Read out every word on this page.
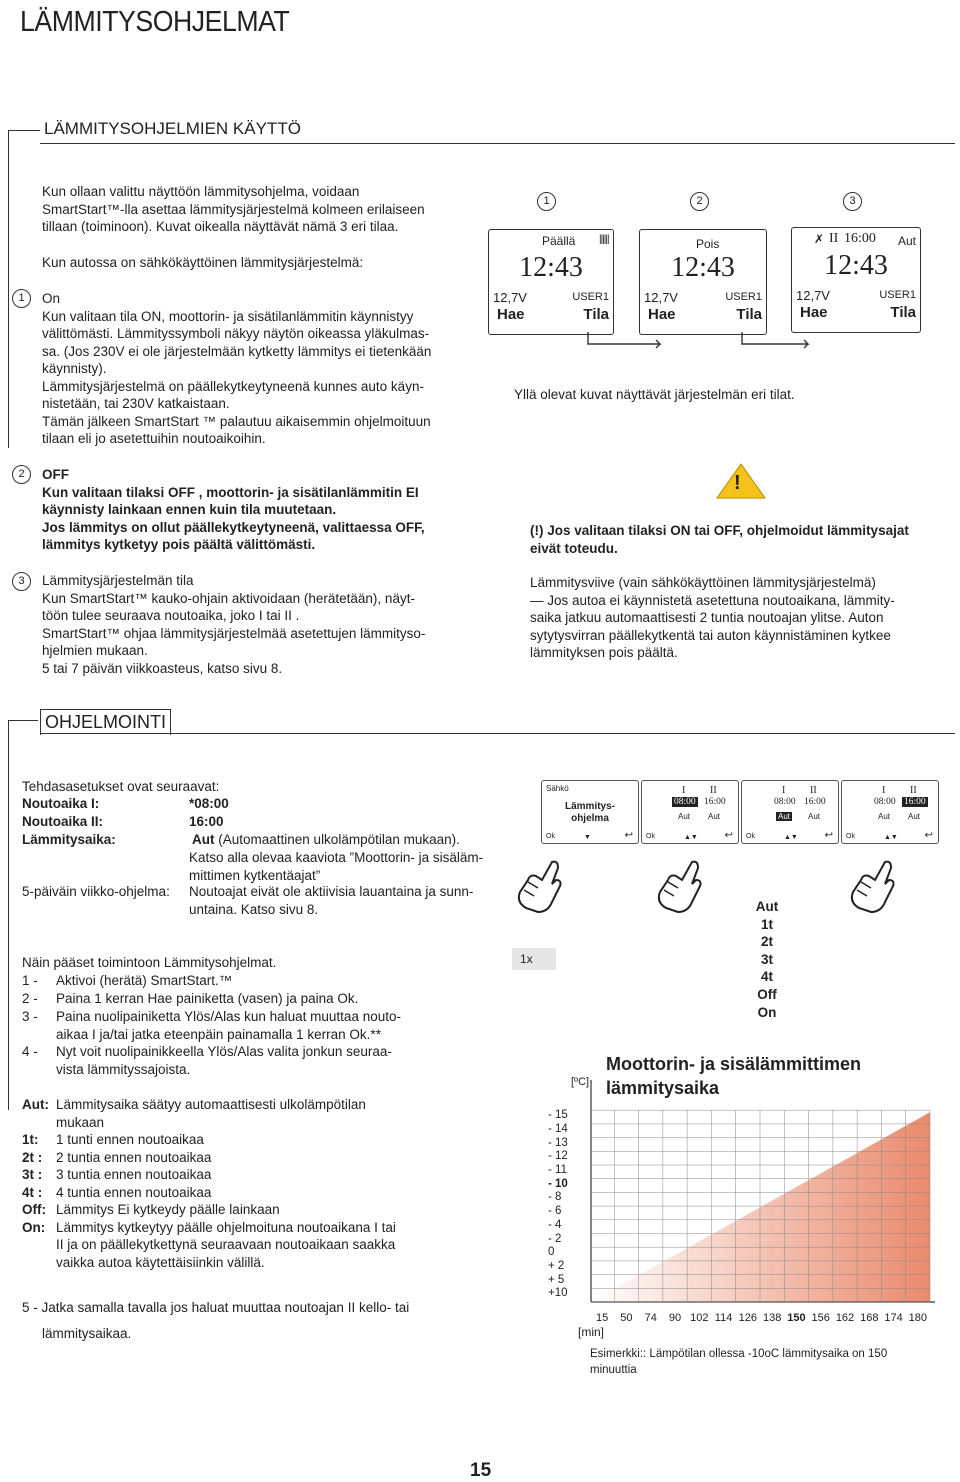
LÄMMITYSOHJELMAT
LÄMMITYSOHJELMIEN KÄYTTÖ
Kun ollaan valittu näyttöön lämmitysohjelma, voidaan
SmartStart™-lla asettaa lämmitysjärjestelmä kolmeen erilaiseen
tillaan (toiminoon). Kuvat oikealla näyttävät nämä 3 eri tilaa.
Kun autossa on sähkökäyttöinen lämmitysjärjestelmä:
1	On
Kun valitaan tila ON, moottorin- ja sisätilanlämmitin käynnistyy
välittömästi. Lämmityssymboli näkyy näytön oikeassa yläkulmas-
sa. (Jos 230V ei ole järjestelmään kytketty lämmitys ei tietenkään
käynnisty).
Lämmitysjärjestelmä on päällekytkeytyneenä kunnes auto käyn-
nistetään, tai 230V katkaistaan.
Tämän jälkeen SmartStart ™ palautuu aikaisemmin ohjelmoituun
tilaan eli jo asetettuihin noutoaikoihin.
2	OFF
Kun valitaan tilaksi OFF , moottorin- ja sisätilanlämmitin EI
käynnisty lainkaan ennen kuin tila muutetaan.
Jos lämmitys on ollut päällekytkeytyneenä, valittaessa OFF,
lämmitys kytketyy pois päältä välittömästi.
3	Lämmitysjärjestelmän tila
Kun SmartStart™ kauko-ohjain aktivoidaan (herätetään), näyt-
töön tulee seuraava noutoaika, joko I tai II .
SmartStart™ ohjaa lämmitysjärjestelmää asetettujen lämmityso-
hjelmien mukaan.
5 tai 7 päivän viikkoasteus, katso sivu 8.
1	2	3
Päällä ||||||
12:43
12,7V	USER1
Hae	Tila
Pois
12:43
12,7V	USER1
Hae	Tila
✗ II 16:00 Aut
12:43
12,7V	USER1
Hae	Tila
Yllä olevat kuvat näyttävät järjestelmän eri tilat.
!
(!) Jos valitaan tilaksi ON tai OFF, ohjelmoidut lämmitysajat
eivät toteudu.
Lämmitysviive (vain sähkökäyttöinen lämmitysjärjestelmä)
— Jos autoa ei käynnistetä asetettuna noutoaikana, lämmity-
saika jatkuu automaattisesti 2 tuntia noutoajan ylitse. Auton
sytytysvirran päällekytkentä tai auton käynnistäminen kytkee
lämmityksen pois päältä.
OHJELMOINTI
Tehdasasetukset ovat seuraavat:
Noutoaika I:	*08:00
Noutoaika II:	16:00
Lämmitysaika:	Aut (Automaattinen ulkolämpötilan mukaan).
Katso alla olevaa kaaviota ”Moottorin- ja sisäläm-
mittimen kytkentäajat”
5-päiväin viikko-ohjelma: Noutoajat eivät ole aktiivisia lauantaina ja sunn-
untaina. Katso sivu 8.
Näin pääset toimintoon Lämmitysohjelmat.
1 - Aktivoi (herätä) SmartStart.™
2 - Paina 1 kerran Hae painiketta (vasen) ja paina Ok.
3 - Paina nuolipainiketta Ylös/Alas kun haluat muuttaa nouto-
aikaa I ja/tai jatka eteenpäin painamalla 1 kerran Ok.**
4 - Nyt voit nuolipainikkeella Ylös/Alas valita jonkun seuraa-
vista lämmityssajoista.
Aut: Lämmitysaika säätyy automaattisesti ulkolämpötilan
mukaan
1t: 1 tunti ennen noutoaikaa
2t : 2 tuntia ennen noutoaikaa
3t : 3 tuntia ennen noutoaikaa
4t : 4 tuntia ennen noutoaikaa
Off: Lämmitys Ei kytkeydy päälle lainkaan
On: Lämmitys kytkeytyy päälle ohjelmoituna noutoaikana I tai
II ja on päällekytkettynä seuraavaan noutoaikaan saakka
vaikka autoa käytettäisiinkin välillä.
5 - Jatka samalla tavalla jos haluat muuttaa noutoajan II kello- tai
lämmitysaikaa.
Sähkö
Lämmitys-
ohjelma
Ok	▼	↩
I II
08:00 16:00
Aut Aut
Ok	▲▼	↩
I II
08:00 16:00
Aut Aut
Ok	▲▼	↩
I II
08:00 16:00
Aut Aut
Ok	▲▼	↩
1x
Aut
1t
2t
3t
4t
Off
On
Moottorin- ja sisälämmittimen lämmitysaika
[ºC]
[min]
- 15
- 14
- 13
- 12
- 11
- 10
- 8
- 6
- 4
- 2
0
+ 2
+ 5
+10
15	50	74	90 102 114 126 138 150 156 162 168 174 180
Esimerkki:: Lämpötilan ollessa -10oC lämmitysaika on 150
minuuttia
15
